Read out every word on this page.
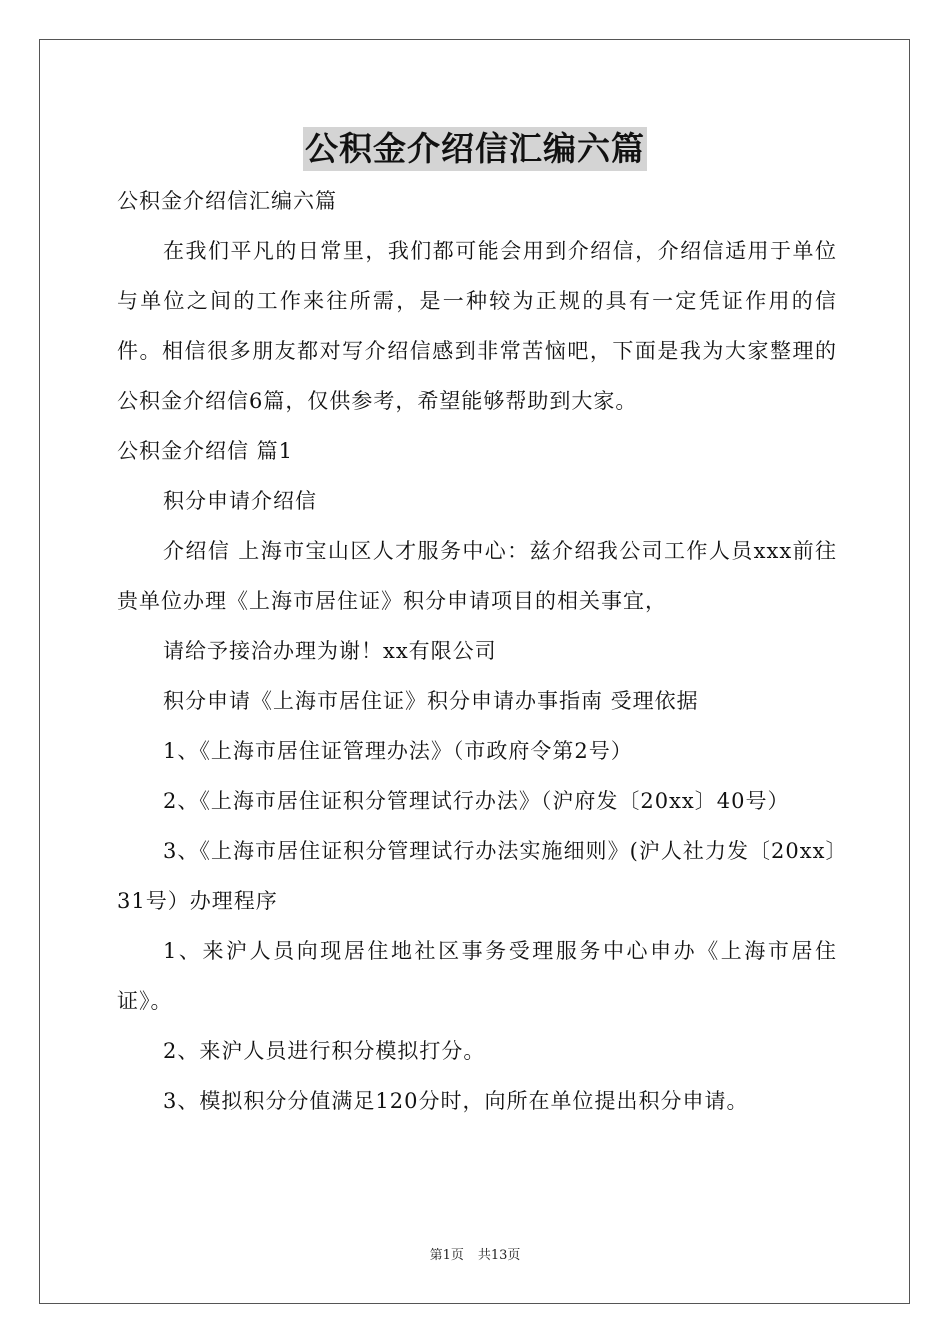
公积金介绍信汇编六篇

公积金介绍信汇编六篇

在我们平凡的日常里，我们都可能会用到介绍信，介绍信适用于单位与单位之间的工作来往所需，是一种较为正规的具有一定凭证作用的信件。相信很多朋友都对写介绍信感到非常苦恼吧，下面是我为大家整理的公积金介绍信6篇，仅供参考，希望能够帮助到大家。

公积金介绍信 篇1

积分申请介绍信

介绍信 上海市宝山区人才服务中心：兹介绍我公司工作人员xxx前往贵单位办理《上海市居住证》积分申请项目的相关事宜，

请给予接洽办理为谢！xx有限公司

积分申请《上海市居住证》积分申请办事指南 受理依据

1、《上海市居住证管理办法》（市政府令第2号）

2、《上海市居住证积分管理试行办法》（沪府发〔20xx〕40号）

3、《上海市居住证积分管理试行办法实施细则》(沪人社力发〔20xx〕31号）办理程序

1、来沪人员向现居住地社区事务受理服务中心申办《上海市居住证》。

2、来沪人员进行积分模拟打分。

3、模拟积分分值满足120分时，向所在单位提出积分申请。

第1页 共13页
